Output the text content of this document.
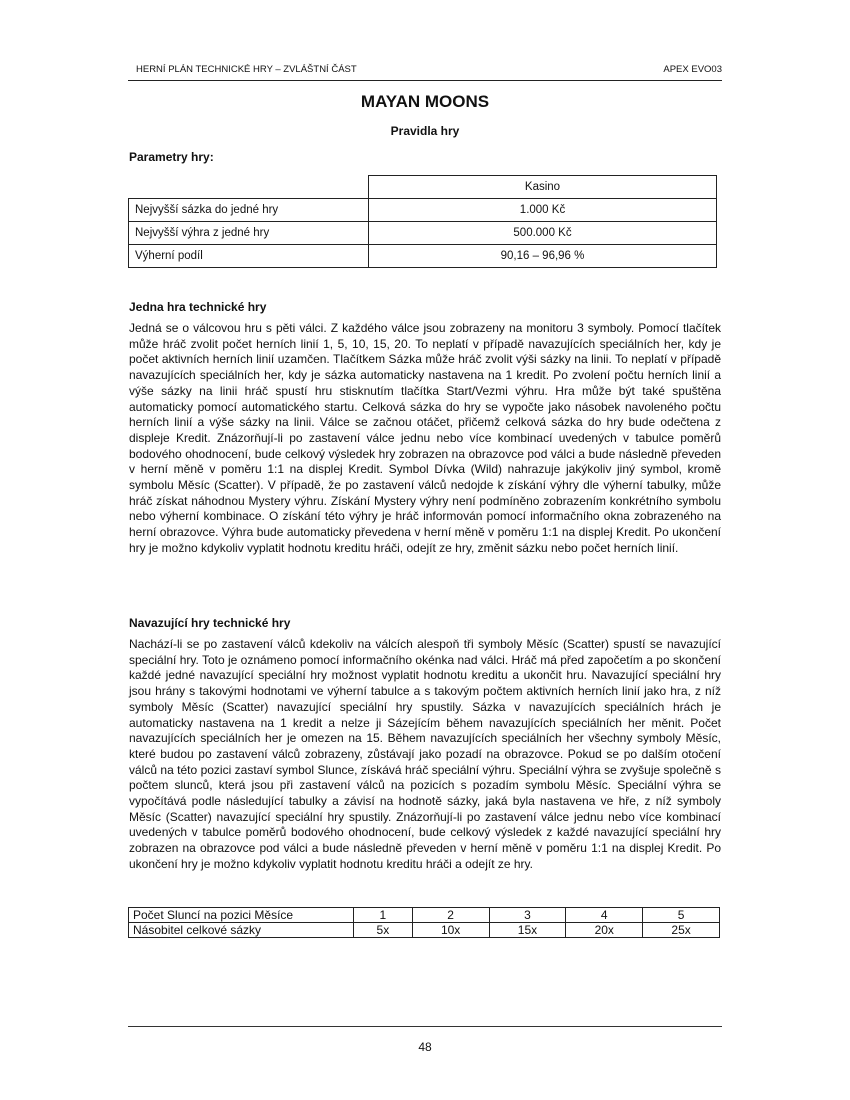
HERNÍ PLÁN TECHNICKÉ HRY – ZVLÁŠTNÍ ČÁST	APEX EVO03
MAYAN MOONS
Pravidla hry
Parametry hry:
	Kasino
Nejvyšší sázka do jedné hry	1.000 Kč
Nejvyšší výhra z jedné hry	500.000 Kč
Výherní podíl	90,16 – 96,96 %
Jedna hra technické hry
Jedná se o válcovou hru s pěti válci. Z každého válce jsou zobrazeny na monitoru 3 symboly. Pomocí tlačítek může hráč zvolit počet herních linií 1, 5, 10, 15, 20. To neplatí v případě navazujících speciálních her, kdy je počet aktivních herních linií uzamčen. Tlačítkem Sázka může hráč zvolit výši sázky na linii. To neplatí v případě navazujících speciálních her, kdy je sázka automaticky nastavena na 1 kredit. Po zvolení počtu herních linií a výše sázky na linii hráč spustí hru stisknutím tlačítka Start/Vezmi výhru. Hra může být také spuštěna automaticky pomocí automatického startu. Celková sázka do hry se vypočte jako násobek navoleného počtu herních linií a výše sázky na linii. Válce se začnou otáčet, přičemž celková sázka do hry bude odečtena z displeje Kredit. Znázorňují-li po zastavení válce jednu nebo více kombinací uvedených v tabulce poměrů bodového ohodnocení, bude celkový výsledek hry zobrazen na obrazovce pod válci a bude následně převeden v herní měně v poměru 1:1 na displej Kredit. Symbol Dívka (Wild) nahrazuje jakýkoliv jiný symbol, kromě symbolu Měsíc (Scatter). V případě, že po zastavení válců nedojde k získání výhry dle výherní tabulky, může hráč získat náhodnou Mystery výhru. Získání Mystery výhry není podmíněno zobrazením konkrétního symbolu nebo výherní kombinace. O získání této výhry je hráč informován pomocí informačního okna zobrazeného na herní obrazovce. Výhra bude automaticky převedena v herní měně v poměru 1:1 na displej Kredit. Po ukončení hry je možno kdykoliv vyplatit hodnotu kreditu hráči, odejít ze hry, změnit sázku nebo počet herních linií.
Navazující hry technické hry
Nachází-li se po zastavení válců kdekoliv na válcích alespoň tři symboly Měsíc (Scatter) spustí se navazující speciální hry. Toto je oznámeno pomocí informačního okénka nad válci. Hráč má před započetím a po skončení každé jedné navazující speciální hry možnost vyplatit hodnotu kreditu a ukončit hru. Navazující speciální hry jsou hrány s takovými hodnotami ve výherní tabulce a s takovým počtem aktivních herních linií jako hra, z níž symboly Měsíc (Scatter) navazující speciální hry spustily. Sázka v navazujících speciálních hrách je automaticky nastavena na 1 kredit a nelze ji Sázejícím během navazujících speciálních her měnit. Počet navazujících speciálních her je omezen na 15. Během navazujících speciálních her všechny symboly Měsíc, které budou po zastavení válců zobrazeny, zůstávají jako pozadí na obrazovce. Pokud se po dalším otočení válců na této pozici zastaví symbol Slunce, získává hráč speciální výhru. Speciální výhra se zvyšuje společně s počtem slunců, která jsou při zastavení válců na pozicích s pozadím symbolu Měsíc. Speciální výhra se vypočítává podle následující tabulky a závisí na hodnotě sázky, jaká byla nastavena ve hře, z níž symboly Měsíc (Scatter) navazující speciální hry spustily. Znázorňují-li po zastavení válce jednu nebo více kombinací uvedených v tabulce poměrů bodového ohodnocení, bude celkový výsledek z každé navazující speciální hry zobrazen na obrazovce pod válci a bude následně převeden v herní měně v poměru 1:1 na displej Kredit. Po ukončení hry je možno kdykoliv vyplatit hodnotu kreditu hráči a odejít ze hry.
Počet Sluncí na pozici Měsíce	1	2	3	4	5
Násobitel celkové sázky	5x	10x	15x	20x	25x
48
